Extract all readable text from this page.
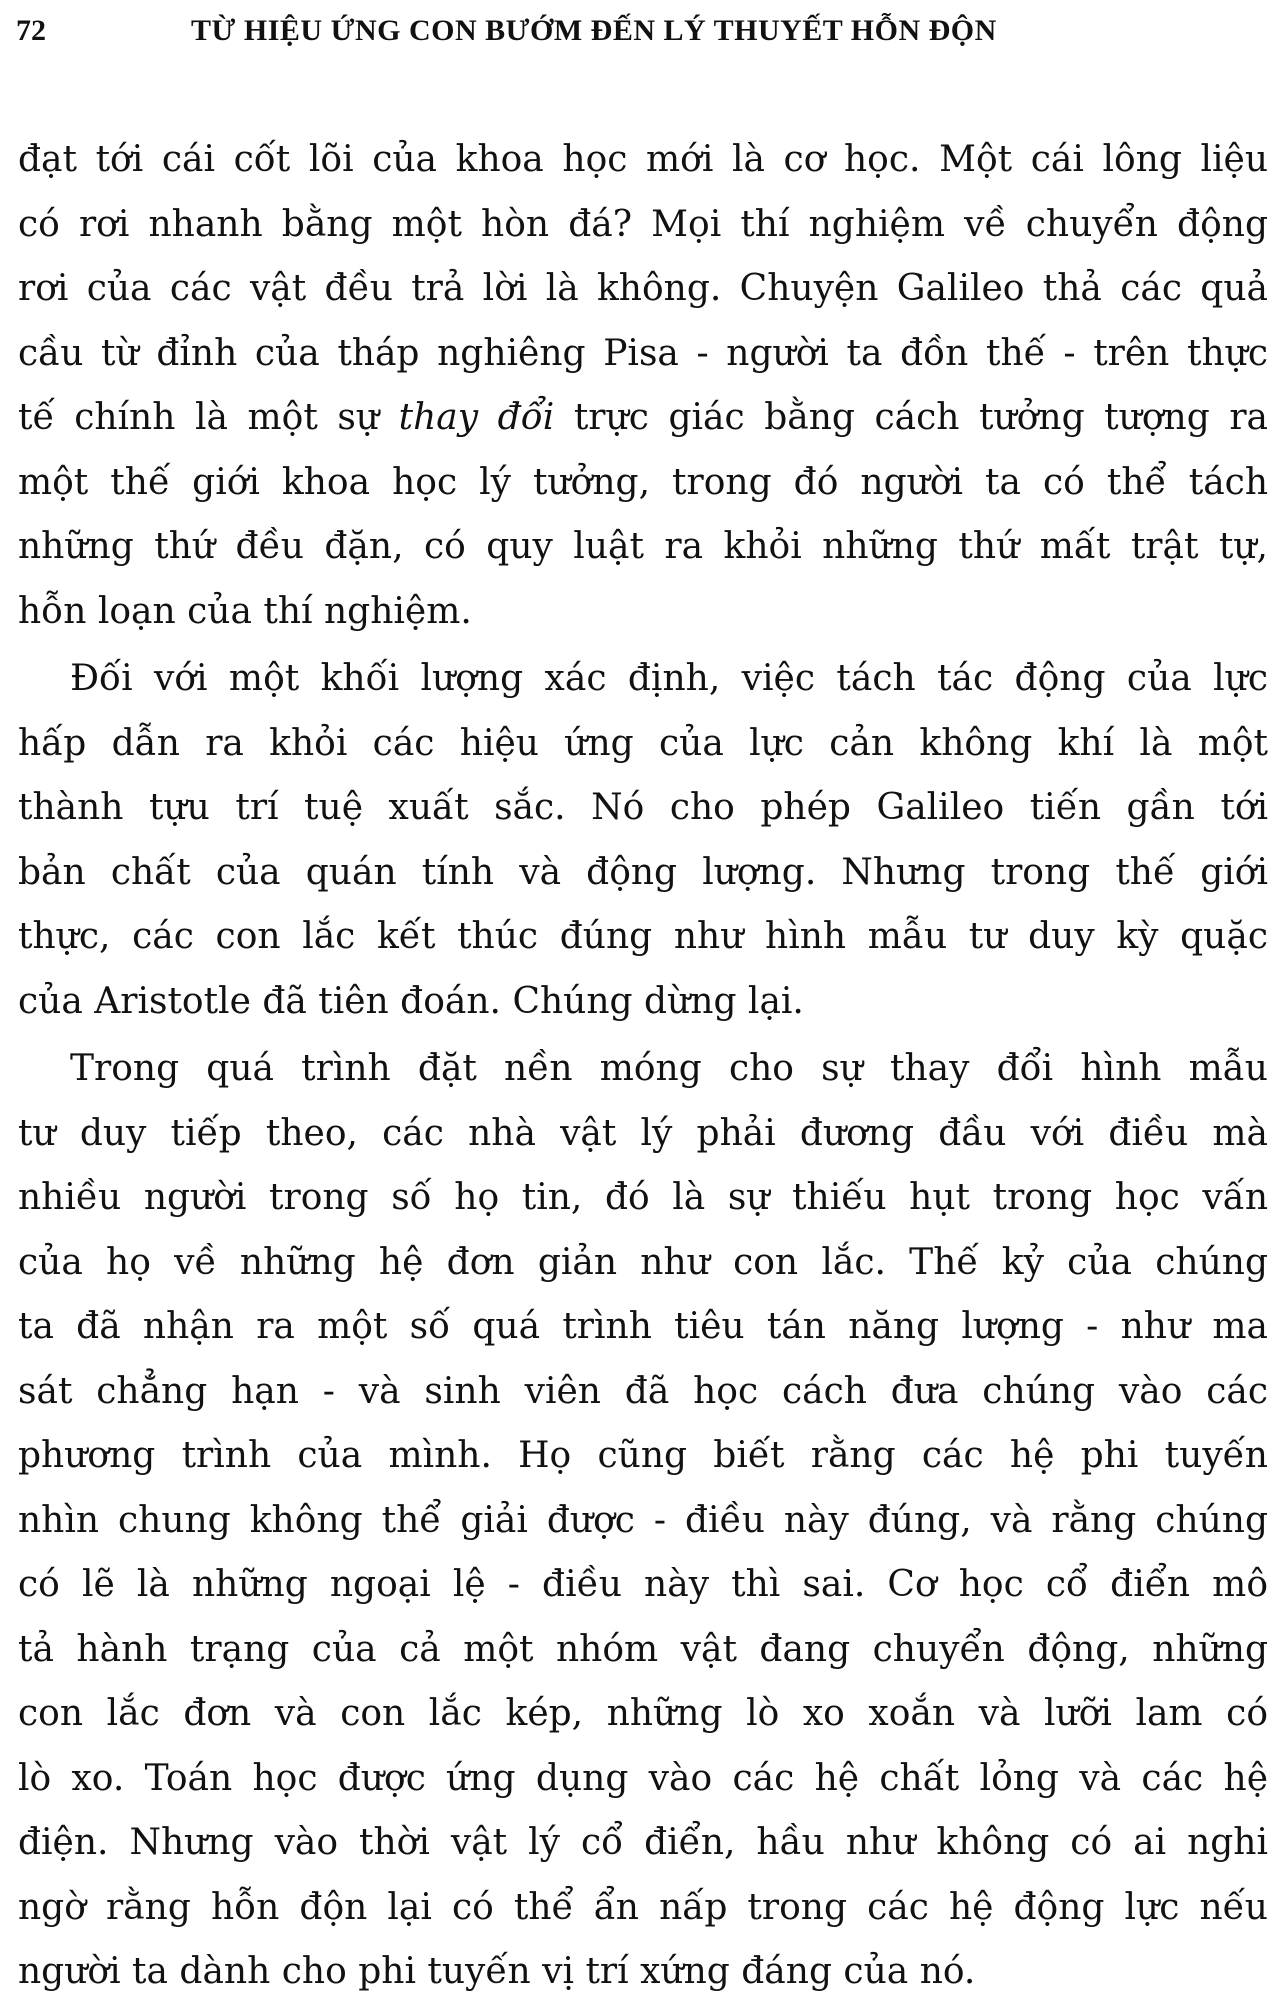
72	TỪ HIỆU ỨNG CON BƯỚM ĐẾN LÝ THUYẾT HỖN ĐỘN

đạt tới cái cốt lõi của khoa học mới là cơ học. Một cái lông liệu
có rơi nhanh bằng một hòn đá? Mọi thí nghiệm về chuyển động
rơi của các vật đều trả lời là không. Chuyện Galileo thả các quả
cầu từ đỉnh của tháp nghiêng Pisa - người ta đồn thế - trên thực
tế chính là một sự thay đổi trực giác bằng cách tưởng tượng ra
một thế giới khoa học lý tưởng, trong đó người ta có thể tách
những thứ đều đặn, có quy luật ra khỏi những thứ mất trật tự,
hỗn loạn của thí nghiệm.

Đối với một khối lượng xác định, việc tách tác động của lực
hấp dẫn ra khỏi các hiệu ứng của lực cản không khí là một
thành tựu trí tuệ xuất sắc. Nó cho phép Galileo tiến gần tới
bản chất của quán tính và động lượng. Nhưng trong thế giới
thực, các con lắc kết thúc đúng như hình mẫu tư duy kỳ quặc
của Aristotle đã tiên đoán. Chúng dừng lại.

Trong quá trình đặt nền móng cho sự thay đổi hình mẫu
tư duy tiếp theo, các nhà vật lý phải đương đầu với điều mà
nhiều người trong số họ tin, đó là sự thiếu hụt trong học vấn
của họ về những hệ đơn giản như con lắc. Thế kỷ của chúng
ta đã nhận ra một số quá trình tiêu tán năng lượng - như ma
sát chẳng hạn - và sinh viên đã học cách đưa chúng vào các
phương trình của mình. Họ cũng biết rằng các hệ phi tuyến
nhìn chung không thể giải được - điều này đúng, và rằng chúng
có lẽ là những ngoại lệ - điều này thì sai. Cơ học cổ điển mô
tả hành trạng của cả một nhóm vật đang chuyển động, những
con lắc đơn và con lắc kép, những lò xo xoắn và lưỡi lam có
lò xo. Toán học được ứng dụng vào các hệ chất lỏng và các hệ
điện. Nhưng vào thời vật lý cổ điển, hầu như không có ai nghi
ngờ rằng hỗn độn lại có thể ẩn nấp trong các hệ động lực nếu
người ta dành cho phi tuyến vị trí xứng đáng của nó.
